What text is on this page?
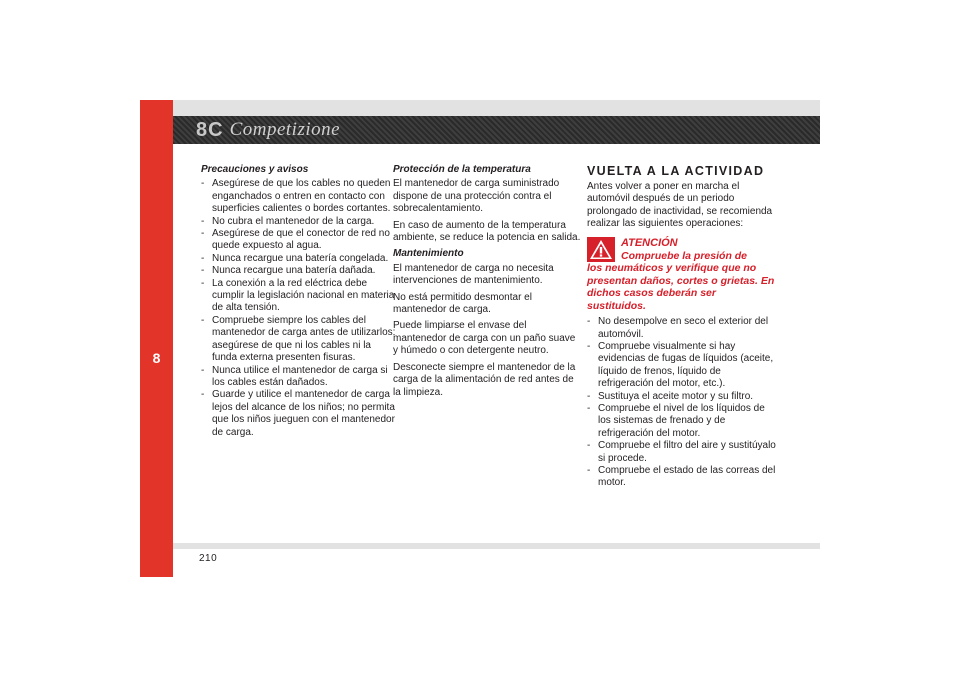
8
8C Competizione
Precauciones y avisos
- Asegúrese de que los cables no queden enganchados o entren en contacto con superficies calientes o bordes cortantes.
- No cubra el mantenedor de la carga.
- Asegúrese de que el conector de red no quede expuesto al agua.
- Nunca recargue una batería congelada.
- Nunca recargue una batería dañada.
- La conexión a la red eléctrica debe cumplir la legislación nacional en materia de alta tensión.
- Compruebe siempre los cables del mantenedor de carga antes de utilizarlos: asegúrese de que ni los cables ni la funda externa presenten fisuras.
- Nunca utilice el mantenedor de carga si los cables están dañados.
- Guarde y utilice el mantenedor de carga lejos del alcance de los niños; no permita que los niños jueguen con el mantenedor de carga.
Protección de la temperatura
El mantenedor de carga suministrado dispone de una protección contra el sobrecalentamiento.
En caso de aumento de la temperatura ambiente, se reduce la potencia en salida.
Mantenimiento
El mantenedor de carga no necesita intervenciones de mantenimiento.
No está permitido desmontar el mantenedor de carga.
Puede limpiarse el envase del mantenedor de carga con un paño suave y húmedo o con detergente neutro.
Desconecte siempre el mantenedor de la carga de la alimentación de red antes de la limpieza.
VUELTA A LA ACTIVIDAD
Antes volver a poner en marcha el automóvil después de un periodo prolongado de inactividad, se recomienda realizar las siguientes operaciones:
ATENCIÓN
Compruebe la presión de
los neumáticos y verifique que no presentan daños, cortes o grietas. En dichos casos deberán ser sustituidos.
- No desempolve en seco el exterior del automóvil.
- Compruebe visualmente si hay evidencias de fugas de líquidos (aceite, líquido de frenos, líquido de refrigeración del motor, etc.).
- Sustituya el aceite motor y su filtro.
- Compruebe el nivel de los líquidos de los sistemas de frenado y de refrigeración del motor.
- Compruebe el filtro del aire y sustitúyalo si procede.
- Compruebe el estado de las correas del motor.
210
